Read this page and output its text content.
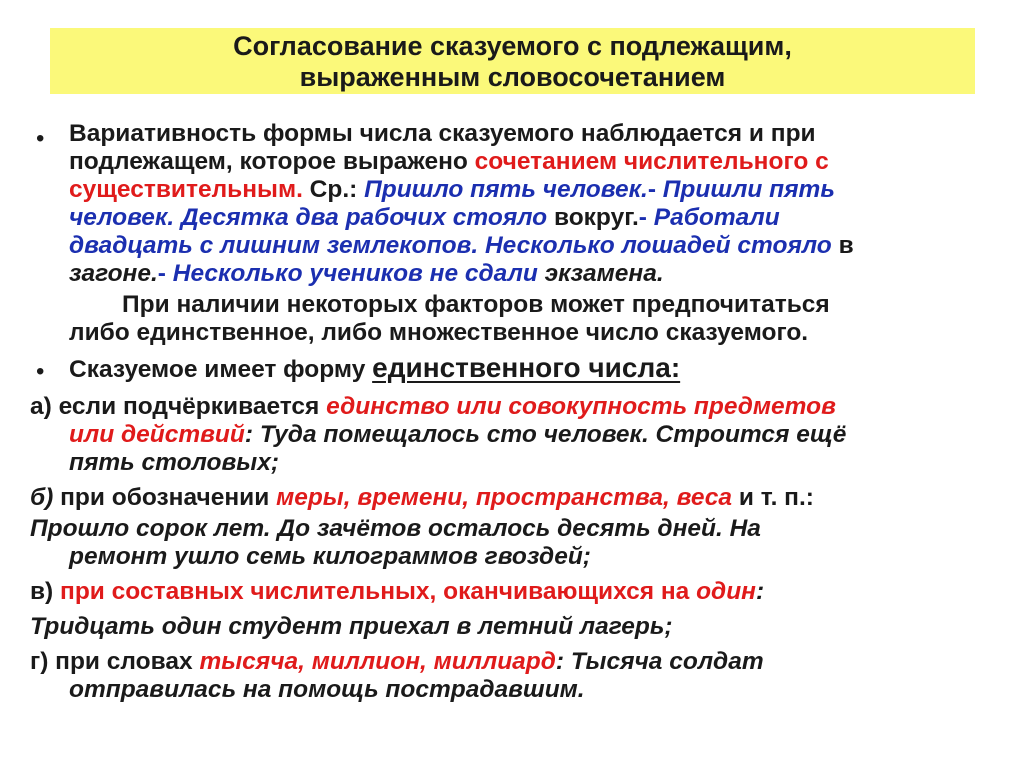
Согласование сказуемого с подлежащим,
выраженным словосочетанием
• Вариативность формы числа сказуемого наблюдается и при
подлежащем, которое выражено сочетанием числительного с
существительным. Ср.: Пришло пять человек.- Пришли пять
человек. Десятка два рабочих стояло вокруг.- Работали
двадцать с лишним землекопов. Несколько лошадей стояло в
загоне.- Несколько учеников не сдали экзамена.
При наличии некоторых факторов может предпочитаться
либо единственное, либо множественное число сказуемого.
• Сказуемое имеет форму единственного числа:
а) если подчёркивается единство или совокупность предметов
или действий: Туда помещалось сто человек. Строится ещё
пять столовых;
б) при обозначении меры, времени, пространства, веса и т. п.:
Прошло сорок лет. До зачётов осталось десять дней. На
ремонт ушло семь килограммов гвоздей;
в) при составных числительных, оканчивающихся на один:
Тридцать один студент приехал в летний лагерь;
г) при словах тысяча, миллион, миллиард: Тысяча солдат
отправилась на помощь пострадавшим.
